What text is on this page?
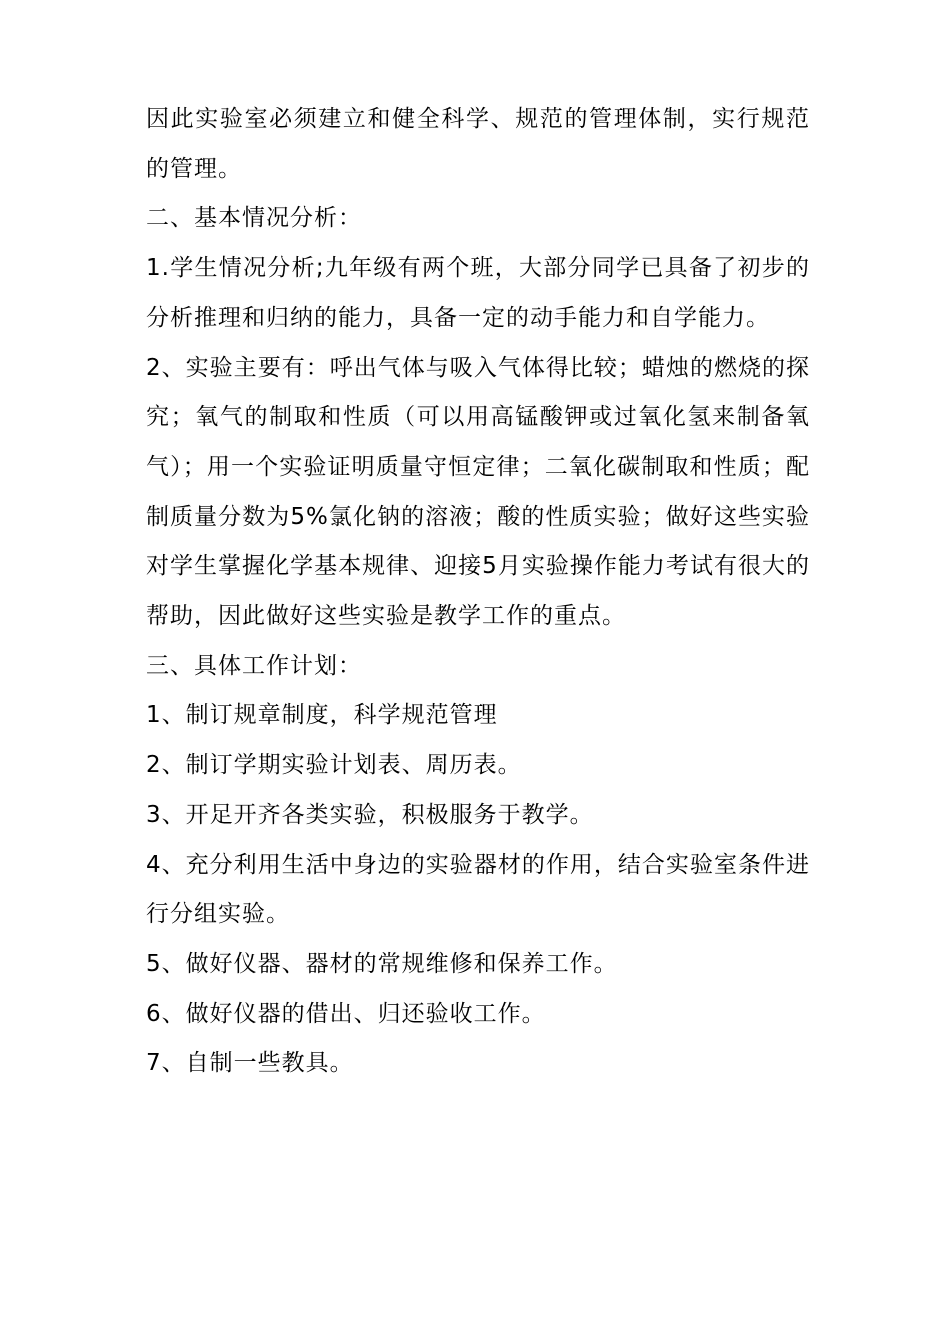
因此实验室必须建立和健全科学、规范的管理体制，实行规范的管理。

二、基本情况分析：

1.学生情况分析;九年级有两个班，大部分同学已具备了初步的分析推理和归纳的能力，具备一定的动手能力和自学能力。

2、实验主要有：呼出气体与吸入气体得比较；蜡烛的燃烧的探究；氧气的制取和性质（可以用高锰酸钾或过氧化氢来制备氧气）；用一个实验证明质量守恒定律；二氧化碳制取和性质；配制质量分数为5%氯化钠的溶液；酸的性质实验；做好这些实验对学生掌握化学基本规律、迎接5月实验操作能力考试有很大的帮助，因此做好这些实验是教学工作的重点。

三、具体工作计划：

1、制订规章制度，科学规范管理

2、制订学期实验计划表、周历表。

3、开足开齐各类实验，积极服务于教学。

4、充分利用生活中身边的实验器材的作用，结合实验室条件进行分组实验。

5、做好仪器、器材的常规维修和保养工作。

6、做好仪器的借出、归还验收工作。

7、自制一些教具。
